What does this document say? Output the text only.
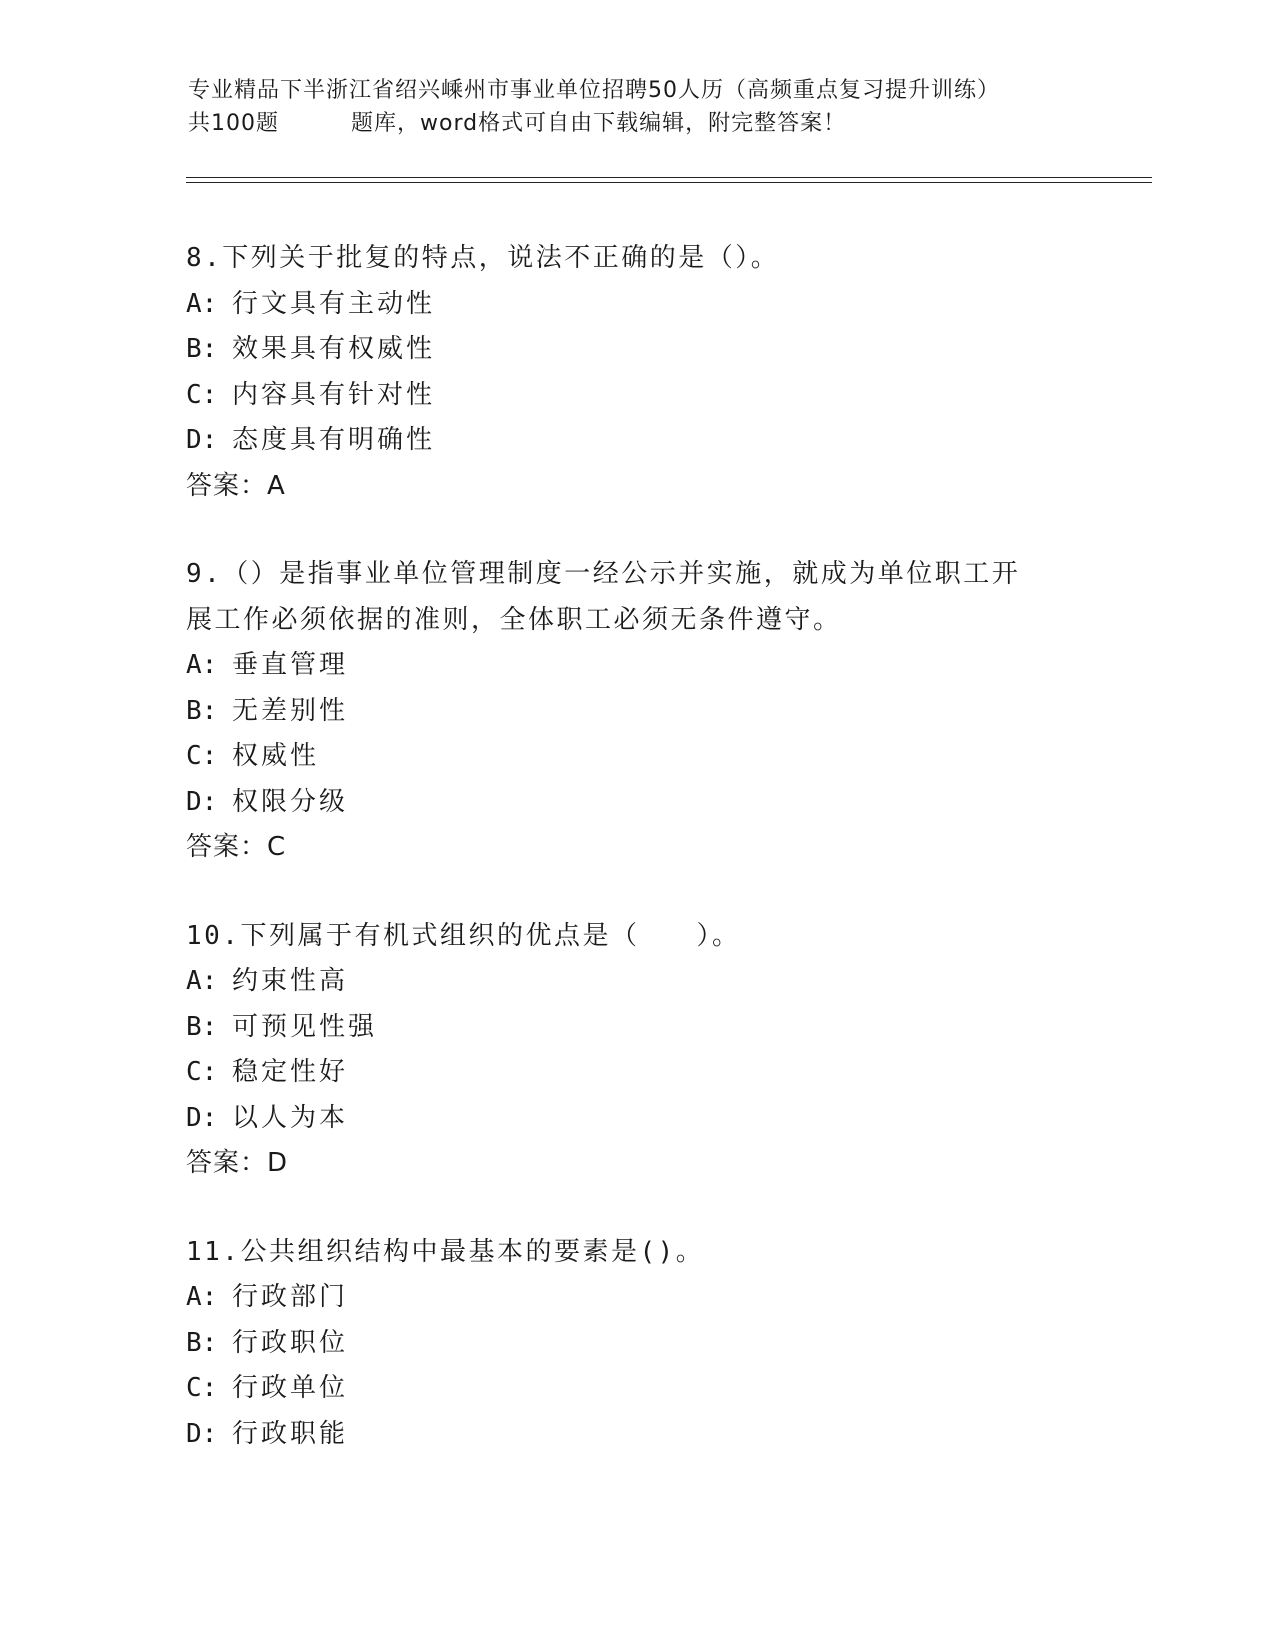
专业精品下半浙江省绍兴嵊州市事业单位招聘50人历（高频重点复习提升训练）
共100题	题库，word格式可自由下载编辑，附完整答案！

8.下列关于批复的特点，说法不正确的是（）。

A: 行文具有主动性

B: 效果具有权威性

C: 内容具有针对性

D: 态度具有明确性

答案：A

9.（）是指事业单位管理制度一经公示并实施，就成为单位职工开展工作必须依据的准则，全体职工必须无条件遵守。

A: 垂直管理

B: 无差别性

C: 权威性

D: 权限分级

答案：C

10.下列属于有机式组织的优点是（　　）。

A: 约束性高

B: 可预见性强

C: 稳定性好

D: 以人为本

答案：D

11.公共组织结构中最基本的要素是()。

A: 行政部门

B: 行政职位

C: 行政单位

D: 行政职能
